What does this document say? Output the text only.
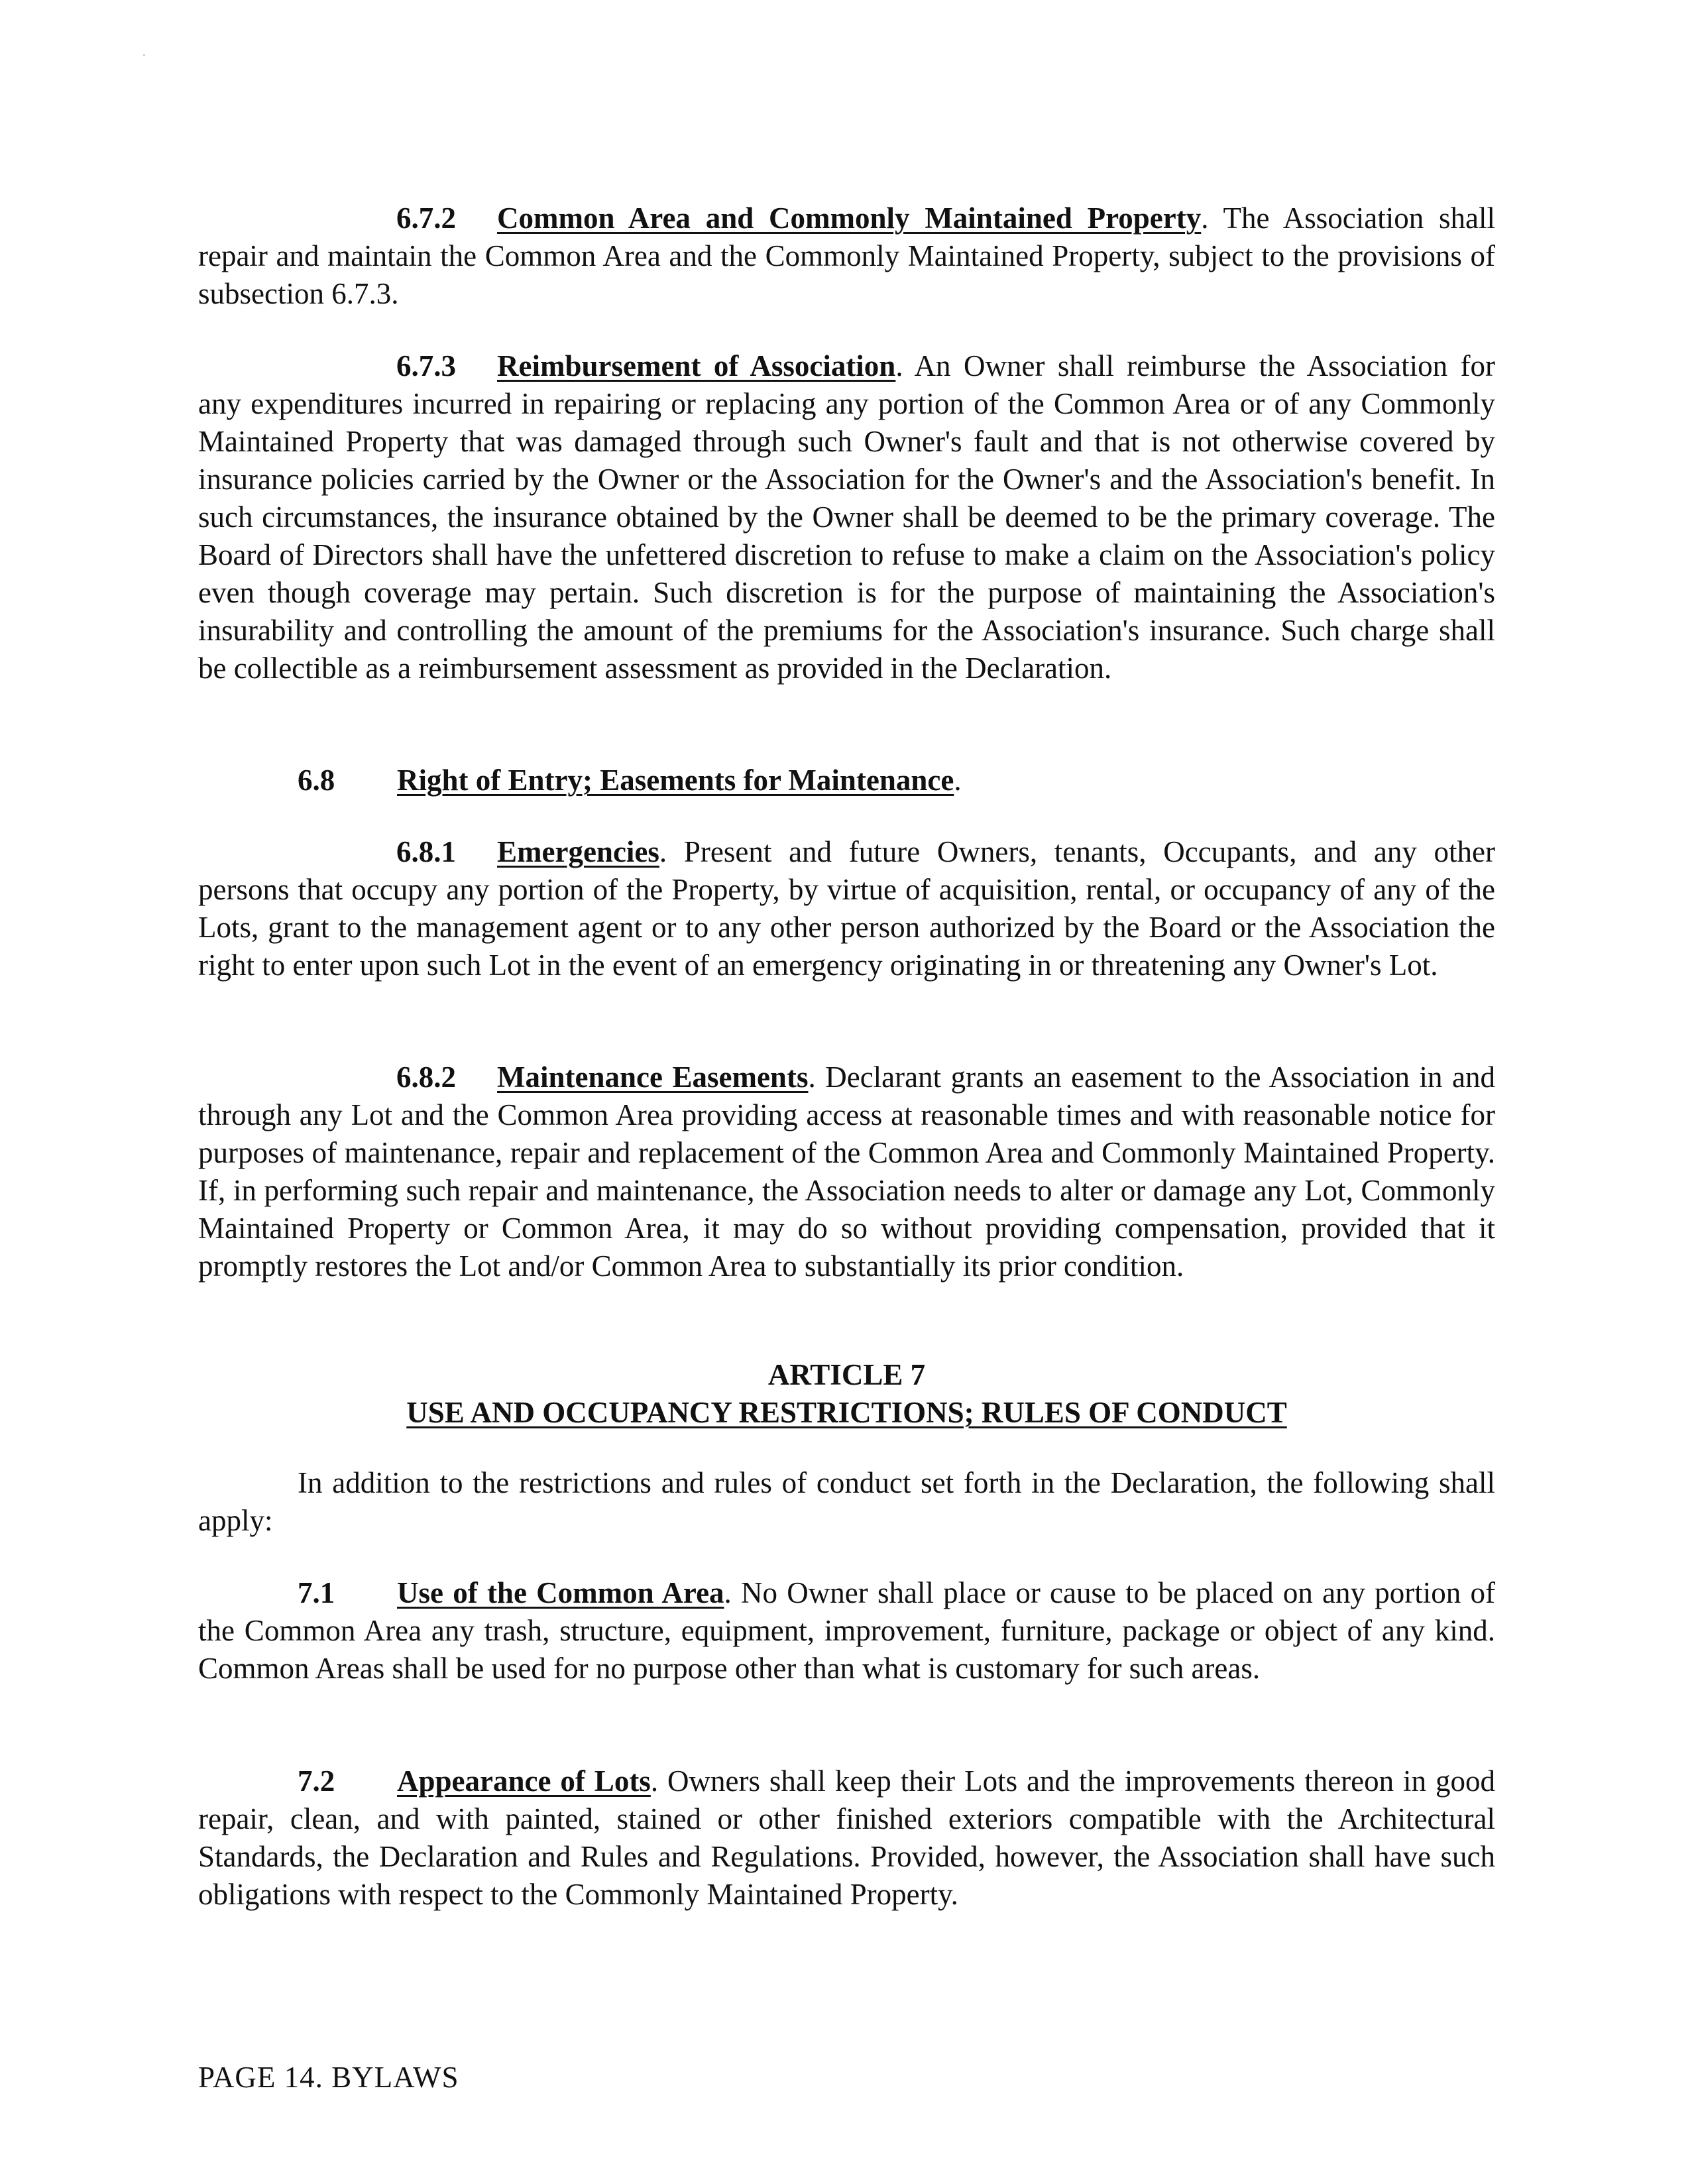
6.7.2 Common Area and Commonly Maintained Property. The Association shall repair and maintain the Common Area and the Commonly Maintained Property, subject to the provisions of subsection 6.7.3.

6.7.3 Reimbursement of Association. An Owner shall reimburse the Association for any expenditures incurred in repairing or replacing any portion of the Common Area or of any Commonly Maintained Property that was damaged through such Owner's fault and that is not otherwise covered by insurance policies carried by the Owner or the Association for the Owner's and the Association's benefit. In such circumstances, the insurance obtained by the Owner shall be deemed to be the primary coverage. The Board of Directors shall have the unfettered discretion to refuse to make a claim on the Association's policy even though coverage may pertain. Such discretion is for the purpose of maintaining the Association's insurability and controlling the amount of the premiums for the Association's insurance. Such charge shall be collectible as a reimbursement assessment as provided in the Declaration.

6.8 Right of Entry; Easements for Maintenance.

6.8.1 Emergencies. Present and future Owners, tenants, Occupants, and any other persons that occupy any portion of the Property, by virtue of acquisition, rental, or occupancy of any of the Lots, grant to the management agent or to any other person authorized by the Board or the Association the right to enter upon such Lot in the event of an emergency originating in or threatening any Owner's Lot.

6.8.2 Maintenance Easements. Declarant grants an easement to the Association in and through any Lot and the Common Area providing access at reasonable times and with reasonable notice for purposes of maintenance, repair and replacement of the Common Area and Commonly Maintained Property. If, in performing such repair and maintenance, the Association needs to alter or damage any Lot, Commonly Maintained Property or Common Area, it may do so without providing compensation, provided that it promptly restores the Lot and/or Common Area to substantially its prior condition.

ARTICLE 7

USE AND OCCUPANCY RESTRICTIONS; RULES OF CONDUCT

In addition to the restrictions and rules of conduct set forth in the Declaration, the following shall apply:

7.1 Use of the Common Area. No Owner shall place or cause to be placed on any portion of the Common Area any trash, structure, equipment, improvement, furniture, package or object of any kind. Common Areas shall be used for no purpose other than what is customary for such areas.

7.2 Appearance of Lots. Owners shall keep their Lots and the improvements thereon in good repair, clean, and with painted, stained or other finished exteriors compatible with the Architectural Standards, the Declaration and Rules and Regulations. Provided, however, the Association shall have such obligations with respect to the Commonly Maintained Property.

PAGE 14. BYLAWS
